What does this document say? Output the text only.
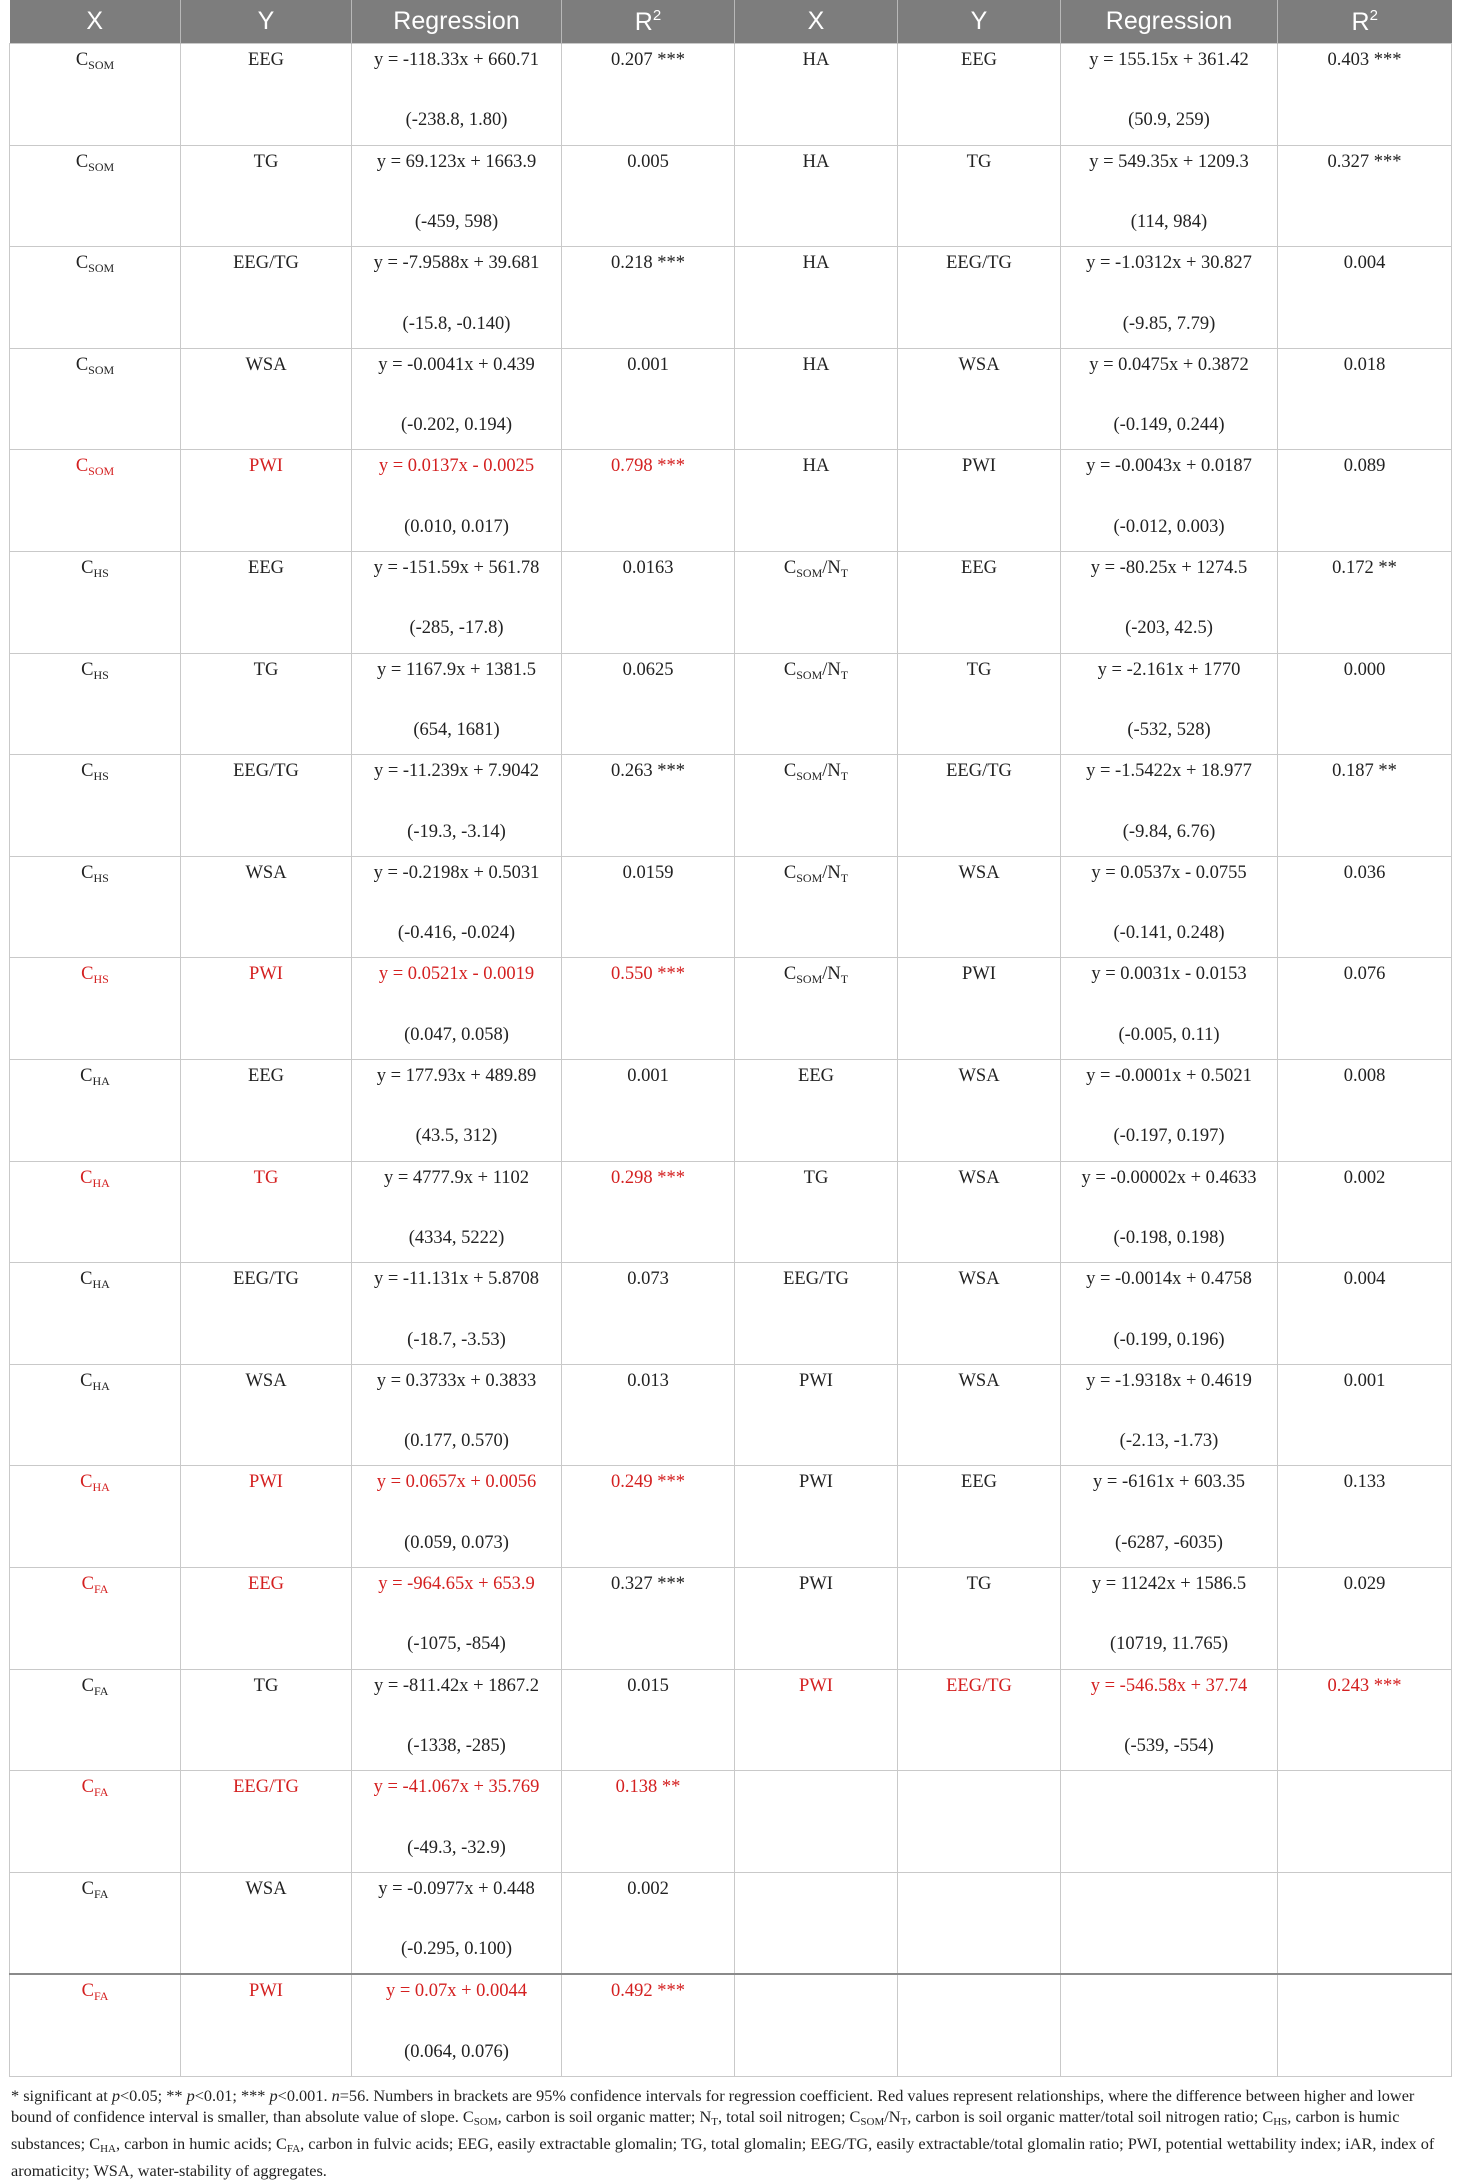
X	Y	Regression	$R^2$	X	Y	Regression	$R^2$
$C_{SOM}$	EEG	y = -118.33x + 660.71	0.207 ***	HA	EEG	y = 155.15x + 361.42	0.403 ***
		(-238.8, 1.80)				(50.9, 259)	
$C_{SOM}$	TG	y = 69.123x + 1663.9	0.005	HA	TG	y = 549.35x + 1209.3	0.327 ***
		(-459, 598)				(114, 984)	
$C_{SOM}$	EEG/TG	y = -7.9588x + 39.681	0.218 ***	HA	EEG/TG	y = -1.0312x + 30.827	0.004
		(-15.8, -0.140)				(-9.85, 7.79)	
$C_{SOM}$	WSA	y = -0.0041x + 0.439	0.001	HA	WSA	y = 0.0475x + 0.3872	0.018
		(-0.202, 0.194)				(-0.149, 0.244)	
$C_{SOM}$	PWI	y = 0.0137x - 0.0025	0.798 ***	HA	PWI	y = -0.0043x + 0.0187	0.089
		(0.010, 0.017)				(-0.012, 0.003)	
$C_{HS}$	EEG	y = -151.59x + 561.78	0.0163	$C_{SOM}/N_T$	EEG	y = -80.25x + 1274.5	0.172 **
		(-285, -17.8)				(-203, 42.5)	
$C_{HS}$	TG	y = 1167.9x + 1381.5	0.0625	$C_{SOM}/N_T$	TG	y = -2.161x + 1770	0.000
		(654, 1681)				(-532, 528)	
$C_{HS}$	EEG/TG	y = -11.239x + 7.9042	0.263 ***	$C_{SOM}/N_T$	EEG/TG	y = -1.5422x + 18.977	0.187 **
		(-19.3, -3.14)				(-9.84, 6.76)	
$C_{HS}$	WSA	y = -0.2198x + 0.5031	0.0159	$C_{SOM}/N_T$	WSA	y = 0.0537x - 0.0755	0.036
		(-0.416, -0.024)				(-0.141, 0.248)	
$C_{HS}$	PWI	y = 0.0521x - 0.0019	0.550 ***	$C_{SOM}/N_T$	PWI	y = 0.0031x - 0.0153	0.076
		(0.047, 0.058)				(-0.005, 0.11)	
$C_{HA}$	EEG	y = 177.93x + 489.89	0.001	EEG	WSA	y = -0.0001x + 0.5021	0.008
		(43.5, 312)				(-0.197, 0.197)	
$C_{HA}$	TG	y = 4777.9x + 1102	0.298 ***	TG	WSA	y = -0.00002x + 0.4633	0.002
		(4334, 5222)				(-0.198, 0.198)	
$C_{HA}$	EEG/TG	y = -11.131x + 5.8708	0.073	EEG/TG	WSA	y = -0.0014x + 0.4758	0.004
		(-18.7, -3.53)				(-0.199, 0.196)	
$C_{HA}$	WSA	y = 0.3733x + 0.3833	0.013	PWI	WSA	y = -1.9318x + 0.4619	0.001
		(0.177, 0.570)				(-2.13, -1.73)	
$C_{HA}$	PWI	y = 0.0657x + 0.0056	0.249 ***	PWI	EEG	y = -6161x + 603.35	0.133
		(0.059, 0.073)				(-6287, -6035)	
$C_{FA}$	EEG	y = -964.65x + 653.9	0.327 ***	PWI	TG	y = 11242x + 1586.5	0.029
		(-1075, -854)				(10719, 11.765)	
$C_{FA}$	TG	y = -811.42x + 1867.2	0.015	PWI	EEG/TG	y = -546.58x + 37.74	0.243 ***
		(-1338, -285)				(-539, -554)	
$C_{FA}$	EEG/TG	y = -41.067x + 35.769	0.138 **				
		(-49.3, -32.9)					
$C_{FA}$	WSA	y = -0.0977x + 0.448	0.002				
		(-0.295, 0.100)					
$C_{FA}$	PWI	y = 0.07x + 0.0044	0.492 ***				
		(0.064, 0.076)					
* significant at p<0.05; ** p<0.01; *** p<0.001. n=56. Numbers in brackets are 95% confidence intervals for regression coefficient. Red values represent relationships, where the difference between higher and lower bound of confidence interval is smaller, than absolute value of slope. $C_{SOM}$, carbon is soil organic matter; $N_T$, total soil nitrogen; $C_{SOM}/N_T$, carbon is soil organic matter/total soil nitrogen ratio; $C_{HS}$, carbon is humic substances; $C_{HA}$, carbon in humic acids; $C_{FA}$, carbon in fulvic acids; EEG, easily extractable glomalin; TG, total glomalin; EEG/TG, easily extractable/total glomalin ratio; PWI, potential wettability index; iAR, index of aromaticity; WSA, water-stability of aggregates.
